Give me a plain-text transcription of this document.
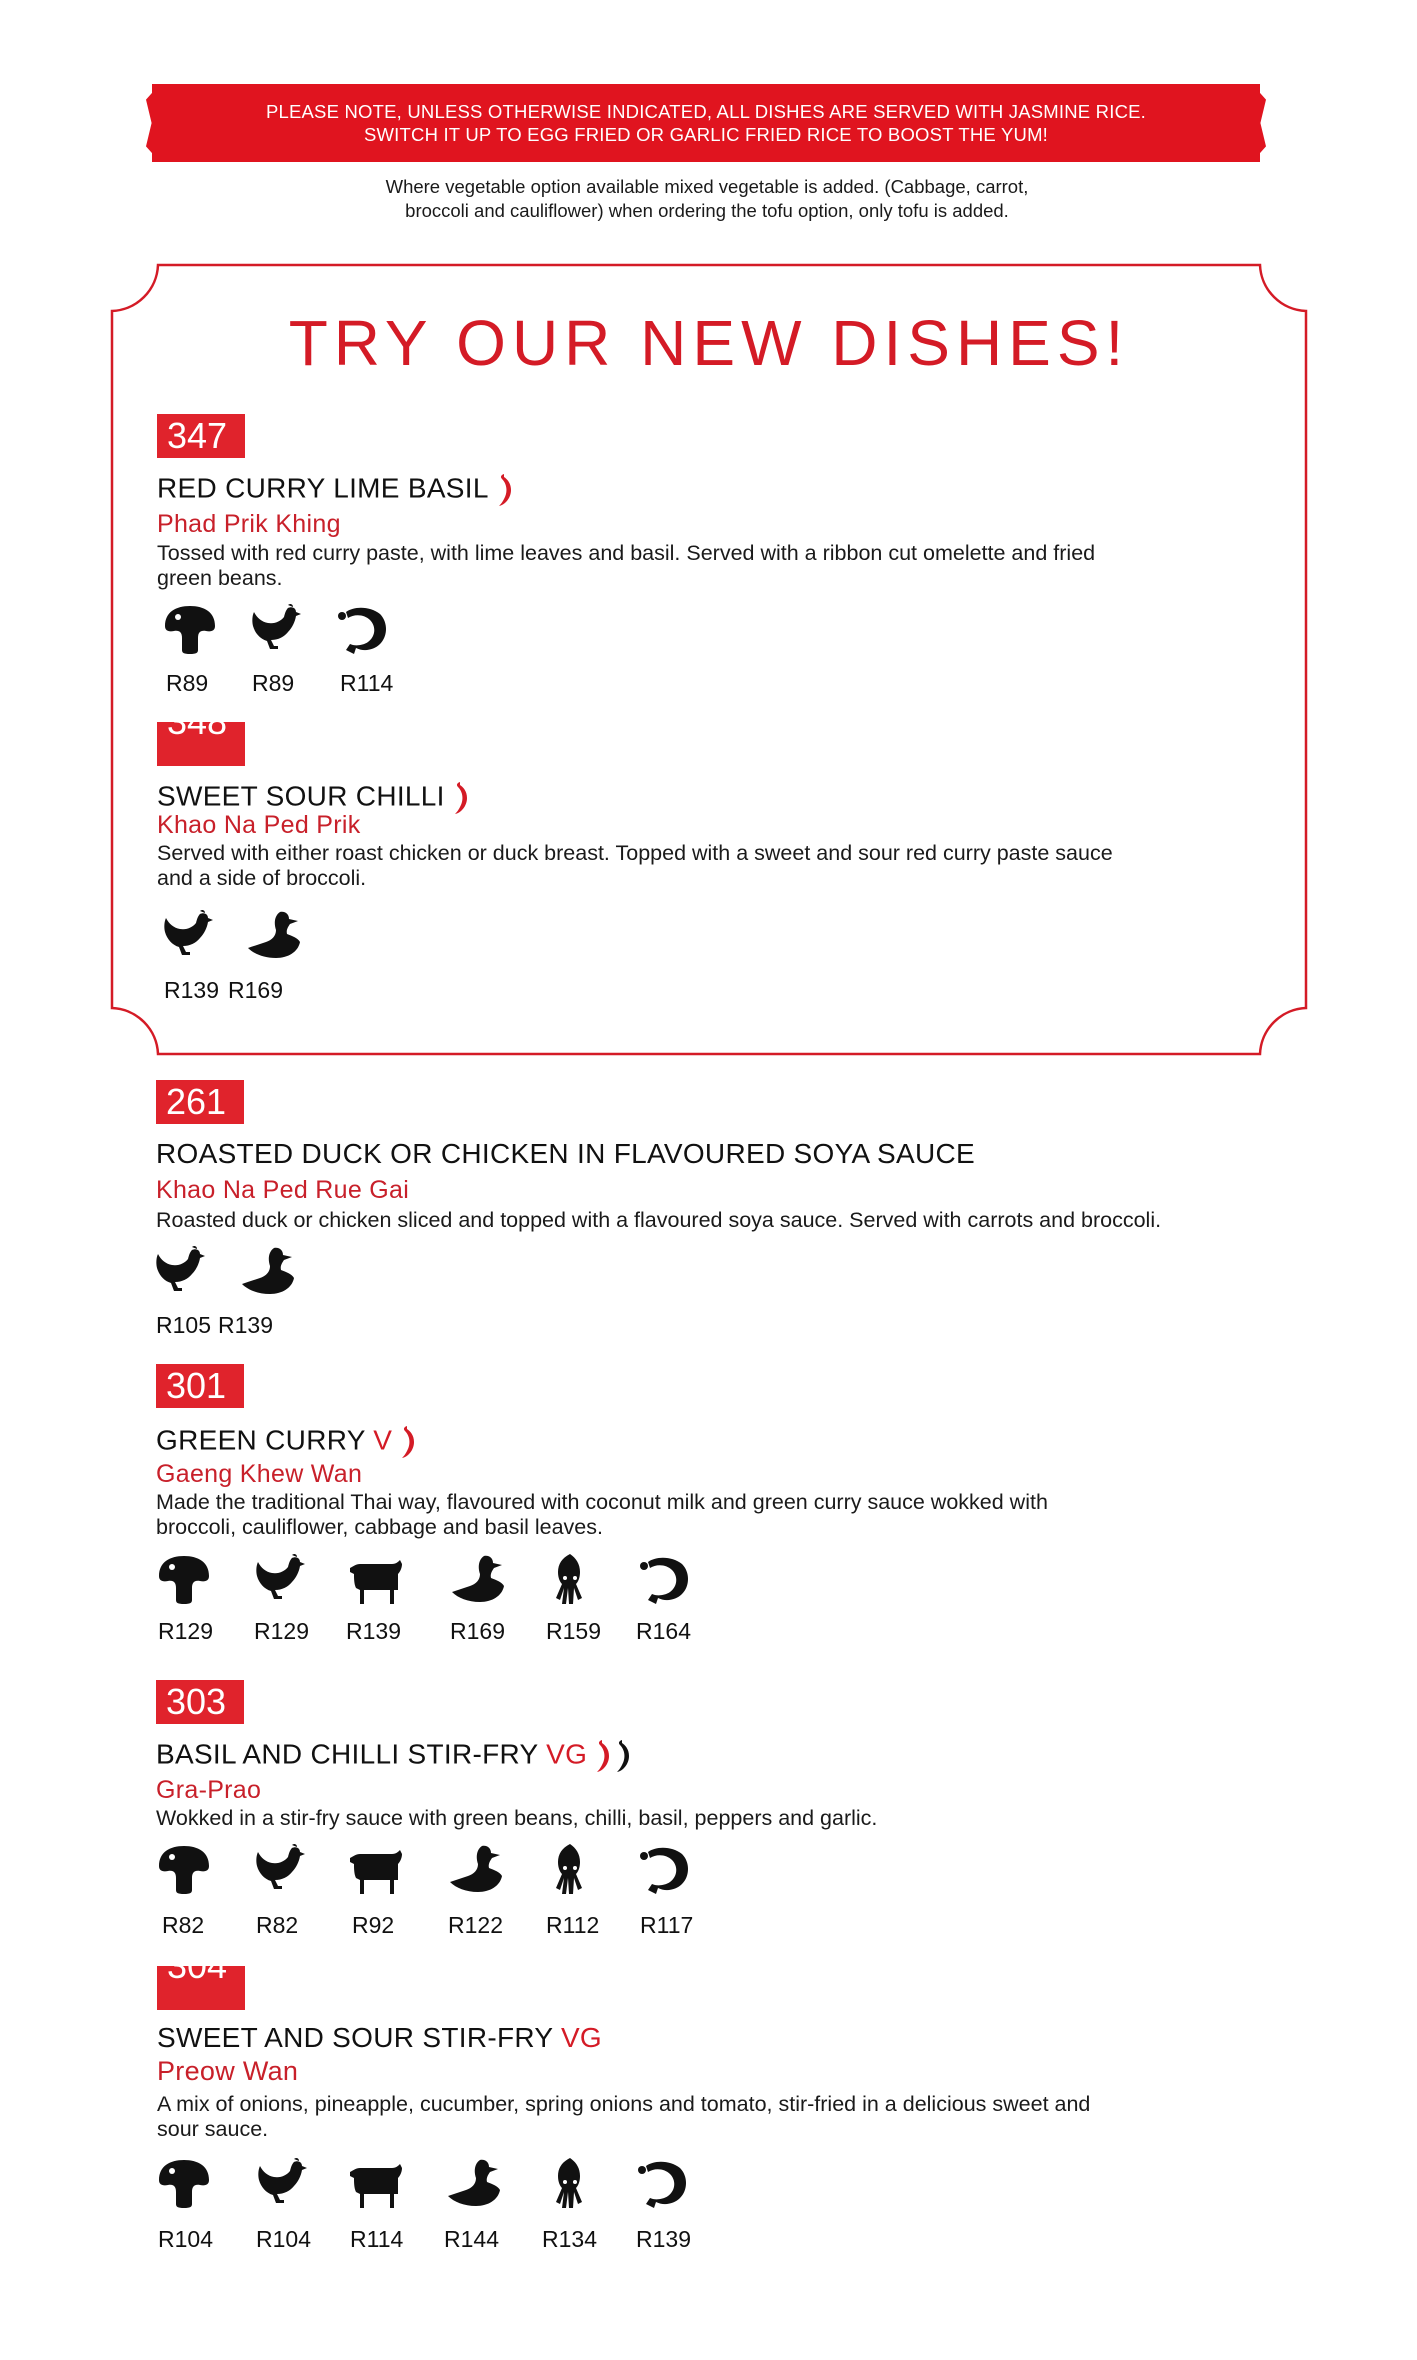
PLEASE NOTE, UNLESS OTHERWISE INDICATED, ALL DISHES ARE SERVED WITH JASMINE RICE.
SWITCH IT UP TO EGG FRIED OR GARLIC FRIED RICE TO BOOST THE YUM!
Where vegetable option available mixed vegetable is added. (Cabbage, carrot,
broccoli and cauliflower) when ordering the tofu option, only tofu is added.
TRY OUR NEW DISHES!
347
RED CURRY LIME BASIL
Phad Prik Khing
Tossed with red curry paste, with lime leaves and basil. Served with a ribbon cut omelette and fried
green beans.
R89 R89 R114
348
SWEET SOUR CHILLI
Khao Na Ped Prik
Served with either roast chicken or duck breast. Topped with a sweet and sour red curry paste sauce
and a side of broccoli.
R139 R169
261
ROASTED DUCK OR CHICKEN IN FLAVOURED SOYA SAUCE
Khao Na Ped Rue Gai
Roasted duck or chicken sliced and topped with a flavoured soya sauce. Served with carrots and broccoli.
R105 R139
301
GREEN CURRY V
Gaeng Khew Wan
Made the traditional Thai way, flavoured with coconut milk and green curry sauce wokked with
broccoli, cauliflower, cabbage and basil leaves.
R129 R129 R139 R169 R159 R164
303
BASIL AND CHILLI STIR-FRY VG
Gra-Prao
Wokked in a stir-fry sauce with green beans, chilli, basil, peppers and garlic.
R82 R82 R92 R122 R112 R117
304
SWEET AND SOUR STIR-FRY VG
Preow Wan
A mix of onions, pineapple, cucumber, spring onions and tomato, stir-fried in a delicious sweet and
sour sauce.
R104 R104 R114 R144 R134 R139
